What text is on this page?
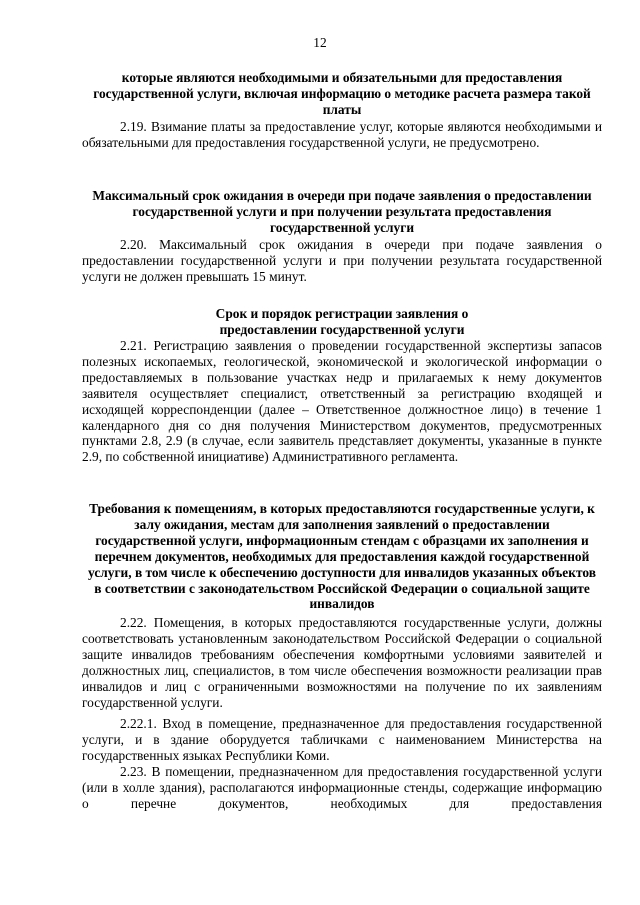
12

которые являются необходимыми и обязательными для предоставления государственной услуги, включая информацию о методике расчета размера такой платы

2.19. Взимание платы за предоставление услуг, которые являются необходимыми и обязательными для предоставления государственной услуги, не предусмотрено.

Максимальный срок ожидания в очереди при подаче заявления о предоставлении государственной услуги и при получении результата предоставления государственной услуги

2.20. Максимальный срок ожидания в очереди при подаче заявления о предоставлении государственной услуги и при получении результата государственной услуги не должен превышать 15 минут.

Срок и порядок регистрации заявления о предоставлении государственной услуги

2.21. Регистрацию заявления о проведении государственной экспертизы запасов полезных ископаемых, геологической, экономической и экологической информации о предоставляемых в пользование участках недр и прилагаемых к нему документов заявителя осуществляет специалист, ответственный за регистрацию входящей и исходящей корреспонденции (далее – Ответственное должностное лицо) в течение 1 календарного дня со дня получения Министерством документов, предусмотренных пунктами 2.8, 2.9 (в случае, если заявитель представляет документы, указанные в пункте 2.9, по собственной инициативе) Административного регламента.

Требования к помещениям, в которых предоставляются государственные услуги, к залу ожидания, местам для заполнения заявлений о предоставлении государственной услуги, информационным стендам с образцами их заполнения и перечнем документов, необходимых для предоставления каждой государственной услуги, в том числе к обеспечению доступности для инвалидов указанных объектов в соответствии с законодательством Российской Федерации о социальной защите инвалидов

2.22. Помещения, в которых предоставляются государственные услуги, должны соответствовать установленным законодательством Российской Федерации о социальной защите инвалидов требованиям обеспечения комфортными условиями заявителей и должностных лиц, специалистов, в том числе обеспечения возможности реализации прав инвалидов и лиц с ограниченными возможностями на получение по их заявлениям государственной услуги.

2.22.1. Вход в помещение, предназначенное для предоставления государственной услуги, и в здание оборудуется табличками с наименованием Министерства на государственных языках Республики Коми.

2.23. В помещении, предназначенном для предоставления государственной услуги (или в холле здания), располагаются информационные стенды, содержащие информацию о перечне документов, необходимых для предоставления
